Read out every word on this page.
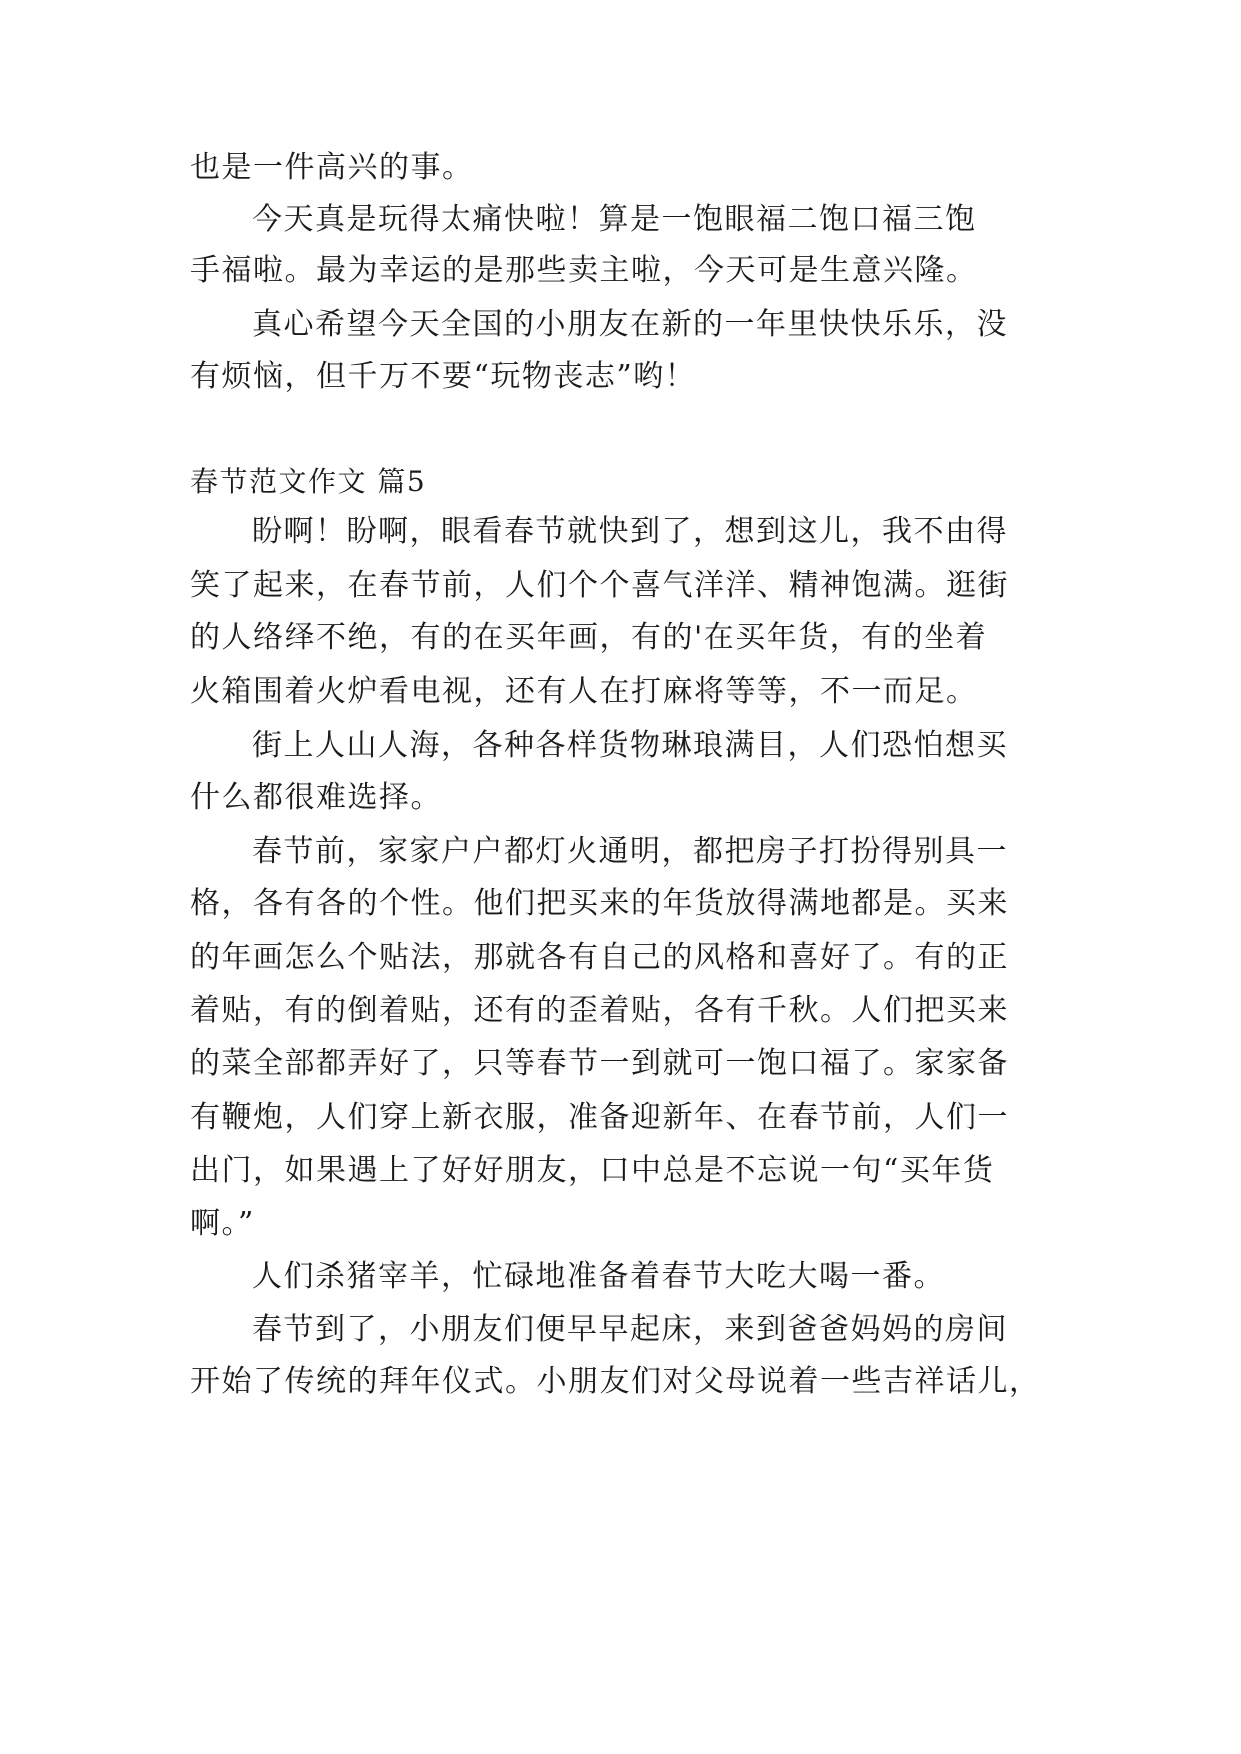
也是一件高兴的事。
今天真是玩得太痛快啦！算是一饱眼福二饱口福三饱
手福啦。最为幸运的是那些卖主啦，今天可是生意兴隆。
真心希望今天全国的小朋友在新的一年里快快乐乐，没
有烦恼，但千万不要“玩物丧志”哟！
春节范文作文 篇5
盼啊！盼啊，眼看春节就快到了，想到这儿，我不由得
笑了起来，在春节前，人们个个喜气洋洋、精神饱满。逛街
的人络绎不绝，有的在买年画，有的'在买年货，有的坐着
火箱围着火炉看电视，还有人在打麻将等等，不一而足。
街上人山人海，各种各样货物琳琅满目，人们恐怕想买
什么都很难选择。
春节前，家家户户都灯火通明，都把房子打扮得别具一
格，各有各的个性。他们把买来的年货放得满地都是。买来
的年画怎么个贴法，那就各有自己的风格和喜好了。有的正
着贴，有的倒着贴，还有的歪着贴，各有千秋。人们把买来
的菜全部都弄好了，只等春节一到就可一饱口福了。家家备
有鞭炮，人们穿上新衣服，准备迎新年、在春节前，人们一
出门，如果遇上了好好朋友，口中总是不忘说一句“买年货
啊。”
人们杀猪宰羊，忙碌地准备着春节大吃大喝一番。
春节到了，小朋友们便早早起床，来到爸爸妈妈的房间
开始了传统的拜年仪式。小朋友们对父母说着一些吉祥话儿，
